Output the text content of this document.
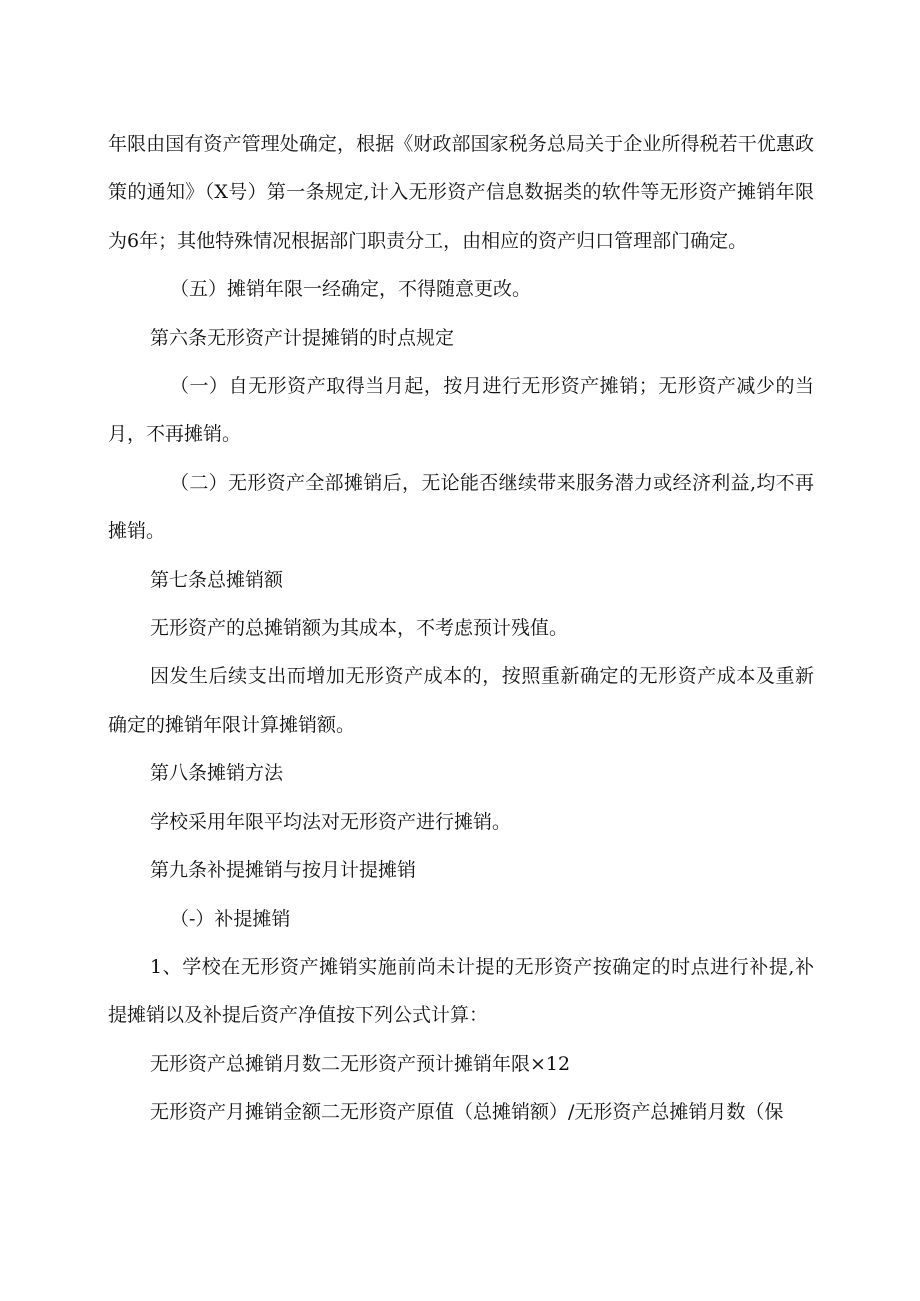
年限由国有资产管理处确定，根据《财政部国家税务总局关于企业所得税若干优惠政策的通知》（X号）第一条规定,计入无形资产信息数据类的软件等无形资产摊销年限为6年；其他特殊情况根据部门职责分工，由相应的资产归口管理部门确定。

（五）摊销年限一经确定，不得随意更改。

第六条无形资产计提摊销的时点规定

（一）自无形资产取得当月起，按月进行无形资产摊销；无形资产减少的当月，不再摊销。

（二）无形资产全部摊销后，无论能否继续带来服务潜力或经济利益,均不再摊销。

第七条总摊销额

无形资产的总摊销额为其成本，不考虑预计残值。

因发生后续支出而增加无形资产成本的，按照重新确定的无形资产成本及重新确定的摊销年限计算摊销额。

第八条摊销方法

学校采用年限平均法对无形资产进行摊销。

第九条补提摊销与按月计提摊销

（-）补提摊销

1、学校在无形资产摊销实施前尚未计提的无形资产按确定的时点进行补提,补提摊销以及补提后资产净值按下列公式计算：

无形资产总摊销月数二无形资产预计摊销年限×12

无形资产月摊销金额二无形资产原值（总摊销额）/无形资产总摊销月数（保
